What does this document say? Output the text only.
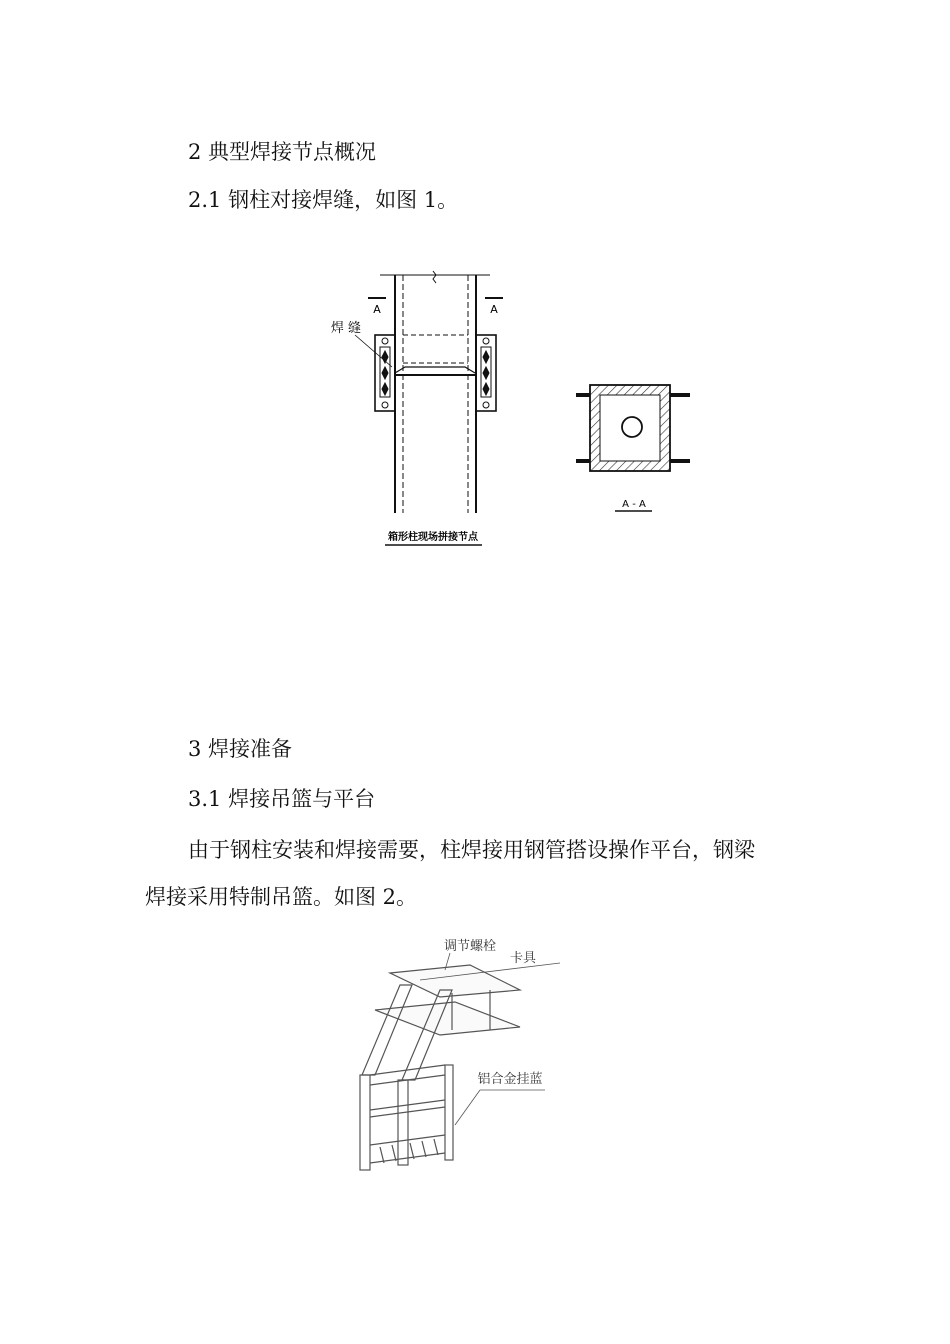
2 典型焊接节点概况
2.1 钢柱对接焊缝，如图 1。
A	A
焊 缝
箱形柱现场拼接节点
A - A
3 焊接准备
3.1 焊接吊篮与平台
由于钢柱安装和焊接需要，柱焊接用钢管搭设操作平台，钢梁
焊接采用特制吊篮。如图 2。
调节螺栓
卡具
铝合金挂蓝
